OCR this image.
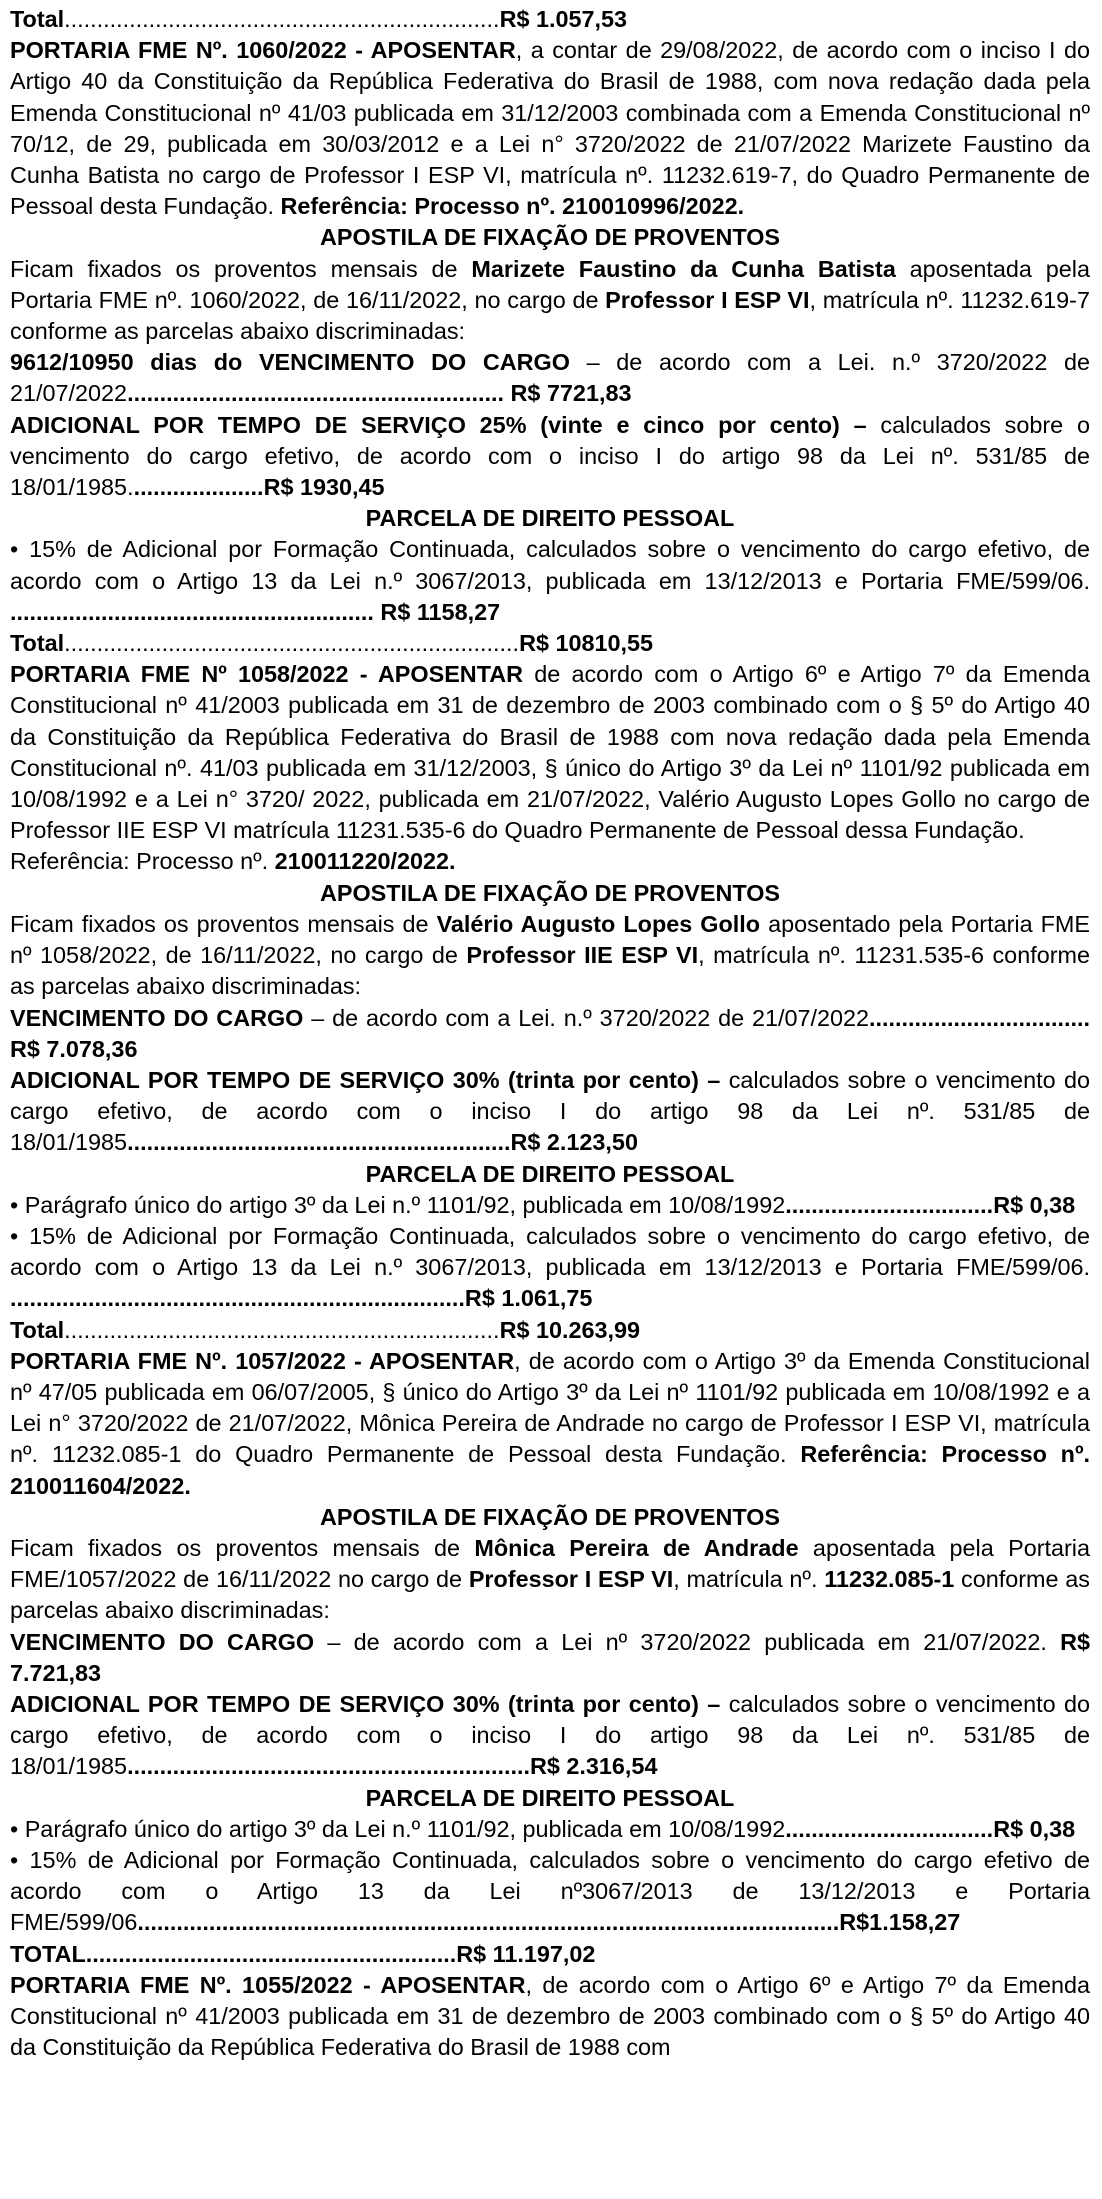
Total...................................................................R$ 1.057,53

PORTARIA FME Nº. 1060/2022 - APOSENTAR, a contar de 29/08/2022, de acordo com o inciso I do Artigo 40 da Constituição da República Federativa do Brasil de 1988, com nova redação dada pela Emenda Constitucional nº 41/03 publicada em 31/12/2003 combinada com a Emenda Constitucional nº 70/12, de 29, publicada em 30/03/2012 e a Lei n° 3720/2022 de 21/07/2022 Marizete Faustino da Cunha Batista no cargo de Professor I ESP VI, matrícula nº. 11232.619-7, do Quadro Permanente de Pessoal desta Fundação. Referência: Processo nº. 210010996/2022.

APOSTILA DE FIXAÇÃO DE PROVENTOS

Ficam fixados os proventos mensais de Marizete Faustino da Cunha Batista aposentada pela Portaria FME nº. 1060/2022, de 16/11/2022, no cargo de Professor I ESP VI, matrícula nº. 11232.619-7 conforme as parcelas abaixo discriminadas:

9612/10950 dias do VENCIMENTO DO CARGO – de acordo com a Lei. n.º 3720/2022 de 21/07/2022.......................................................... R$ 7721,83

ADICIONAL POR TEMPO DE SERVIÇO 25% (vinte e cinco por cento) – calculados sobre o vencimento do cargo efetivo, de acordo com o inciso I do artigo 98 da Lei nº. 531/85 de 18/01/1985.....................R$ 1930,45

PARCELA DE DIREITO PESSOAL

• 15% de Adicional por Formação Continuada, calculados sobre o vencimento do cargo efetivo, de acordo com o Artigo 13 da Lei n.º 3067/2013, publicada em 13/12/2013 e Portaria FME/599/06. ........................................................ R$ 1158,27

Total......................................................................R$ 10810,55

PORTARIA FME Nº 1058/2022 - APOSENTAR de acordo com o Artigo 6º e Artigo 7º da Emenda Constitucional nº 41/2003 publicada em 31 de dezembro de 2003 combinado com o § 5º do Artigo 40 da Constituição da República Federativa do Brasil de 1988 com nova redação dada pela Emenda Constitucional nº. 41/03 publicada em 31/12/2003, § único do Artigo 3º da Lei nº 1101/92 publicada em 10/08/1992 e a Lei n° 3720/ 2022, publicada em 21/07/2022, Valério Augusto Lopes Gollo no cargo de Professor IIE ESP VI matrícula 11231.535-6 do Quadro Permanente de Pessoal dessa Fundação.

Referência: Processo nº. 210011220/2022.

APOSTILA DE FIXAÇÃO DE PROVENTOS

Ficam fixados os proventos mensais de Valério Augusto Lopes Gollo aposentado pela Portaria FME nº 1058/2022, de 16/11/2022, no cargo de Professor IIE ESP VI, matrícula nº. 11231.535-6 conforme as parcelas abaixo discriminadas:

VENCIMENTO DO CARGO – de acordo com a Lei. n.º 3720/2022 de 21/07/2022.................................. R$ 7.078,36

ADICIONAL POR TEMPO DE SERVIÇO 30% (trinta por cento) – calculados sobre o vencimento do cargo efetivo, de acordo com o inciso I do artigo 98 da Lei nº. 531/85 de 18/01/1985...........................................................R$ 2.123,50

PARCELA DE DIREITO PESSOAL

• Parágrafo único do artigo 3º da Lei n.º 1101/92, publicada em 10/08/1992................................R$ 0,38

• 15% de Adicional por Formação Continuada, calculados sobre o vencimento do cargo efetivo, de acordo com o Artigo 13 da Lei n.º 3067/2013, publicada em 13/12/2013 e Portaria FME/599/06. ......................................................................R$ 1.061,75

Total...................................................................R$ 10.263,99

PORTARIA FME Nº. 1057/2022 - APOSENTAR, de acordo com o Artigo 3º da Emenda Constitucional nº 47/05 publicada em 06/07/2005, § único do Artigo 3º da Lei nº 1101/92 publicada em 10/08/1992 e a Lei n° 3720/2022 de 21/07/2022, Mônica Pereira de Andrade no cargo de Professor I ESP VI, matrícula nº. 11232.085-1 do Quadro Permanente de Pessoal desta Fundação. Referência: Processo nº. 210011604/2022.

APOSTILA DE FIXAÇÃO DE PROVENTOS

Ficam fixados os proventos mensais de Mônica Pereira de Andrade aposentada pela Portaria FME/1057/2022 de 16/11/2022 no cargo de Professor I ESP VI, matrícula nº. 11232.085-1 conforme as parcelas abaixo discriminadas:

VENCIMENTO DO CARGO – de acordo com a Lei nº 3720/2022 publicada em 21/07/2022. R$ 7.721,83

ADICIONAL POR TEMPO DE SERVIÇO 30% (trinta por cento) – calculados sobre o vencimento do cargo efetivo, de acordo com o inciso I do artigo 98 da Lei nº. 531/85 de 18/01/1985..............................................................R$ 2.316,54

PARCELA DE DIREITO PESSOAL

• Parágrafo único do artigo 3º da Lei n.º 1101/92, publicada em 10/08/1992................................R$ 0,38

• 15% de Adicional por Formação Continuada, calculados sobre o vencimento do cargo efetivo de acordo com o Artigo 13 da Lei nº3067/2013 de 13/12/2013 e Portaria FME/599/06............................................................................................................R$1.158,27

TOTAL.........................................................R$ 11.197,02

PORTARIA FME Nº. 1055/2022 - APOSENTAR, de acordo com o Artigo 6º e Artigo 7º da Emenda Constitucional nº 41/2003 publicada em 31 de dezembro de 2003 combinado com o § 5º do Artigo 40 da Constituição da República Federativa do Brasil de 1988 com
